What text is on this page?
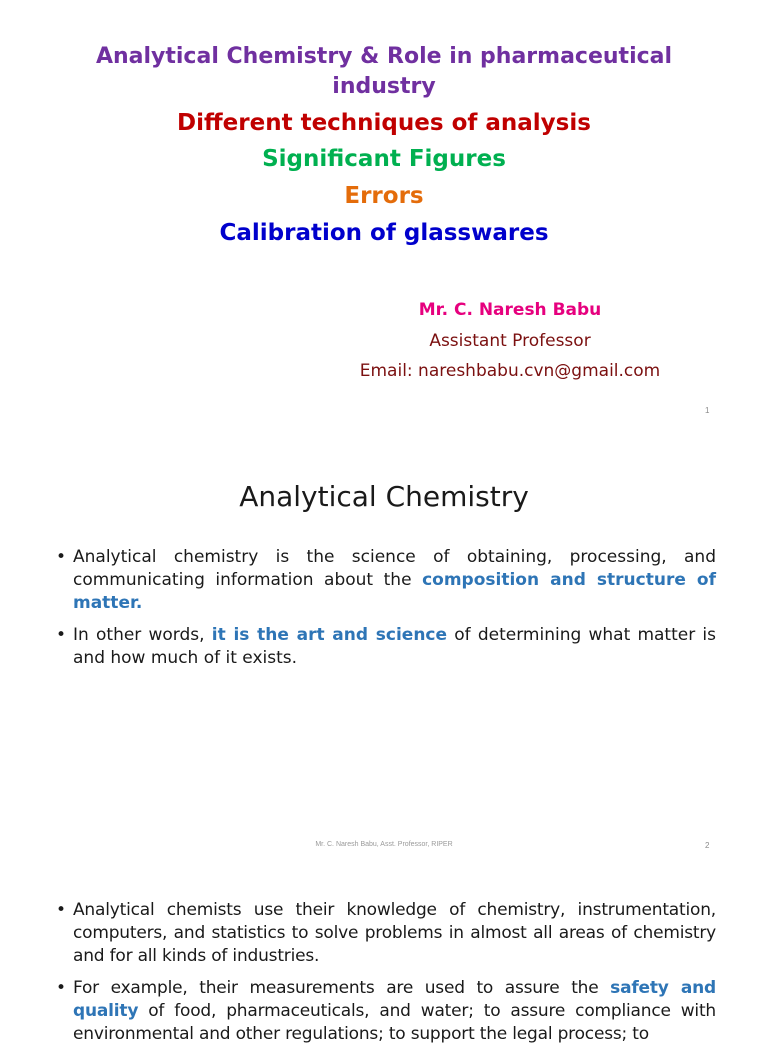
Analytical Chemistry & Role in pharmaceutical
industry
Different techniques of analysis
Significant Figures
Errors
Calibration of glasswares
Mr. C. Naresh Babu
Assistant Professor
Email: nareshbabu.cvn@gmail.com
1
Analytical Chemistry
• Analytical chemistry is the science of obtaining, processing, and communicating information about the composition and structure of matter.
• In other words, it is the art and science of determining what matter is and how much of it exists.
Mr. C. Naresh Babu, Asst. Professor, RIPER	2
• Analytical chemists use their knowledge of chemistry, instrumentation, computers, and statistics to solve problems in almost all areas of chemistry and for all kinds of industries.
• For example, their measurements are used to assure the safety and quality of food, pharmaceuticals, and water; to assure compliance with environmental and other regulations; to support the legal process; to
